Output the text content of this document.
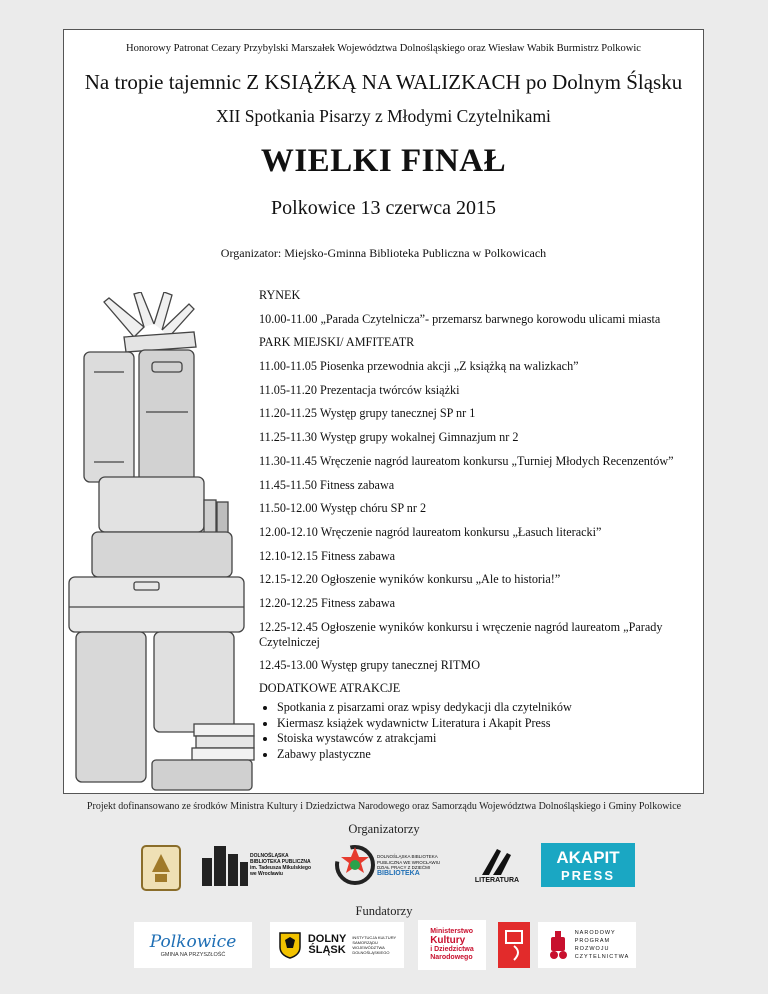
Honorowy Patronat Cezary Przybylski Marszałek Województwa Dolnośląskiego oraz Wiesław Wabik Burmistrz Polkowic
Na tropie tajemnic Z KSIĄŻKĄ NA WALIZKACH po Dolnym Śląsku
XII Spotkania Pisarzy z Młodymi Czytelnikami
WIELKI FINAŁ
Polkowice 13 czerwca 2015
Organizator: Miejsko-Gminna Biblioteka Publiczna w Polkowicach
RYNEK
10.00-11.00 „Parada Czytelnicza”- przemarsz barwnego korowodu ulicami miasta
PARK MIEJSKI/ AMFITEATR
11.00-11.05 Piosenka przewodnia akcji „Z książką na walizkach”
11.05-11.20 Prezentacja twórców książki
11.20-11.25 Występ grupy tanecznej SP nr 1
11.25-11.30 Występ grupy wokalnej Gimnazjum nr 2
11.30-11.45 Wręczenie nagród laureatom konkursu „Turniej Młodych Recenzentów”
11.45-11.50 Fitness zabawa
11.50-12.00 Występ chóru SP nr 2
12.00-12.10 Wręczenie nagród laureatom konkursu „Łasuch literacki”
12.10-12.15 Fitness zabawa
12.15-12.20 Ogłoszenie wyników konkursu „Ale to historia!”
12.20-12.25 Fitness zabawa
12.25-12.45 Ogłoszenie wyników konkursu i wręczenie nagród laureatom „Parady Czytelniczej
12.45-13.00 Występ grupy tanecznej RITMO
DODATKOWE ATRAKCJE
• Spotkania z pisarzami oraz wpisy dedykacji dla czytelników
• Kiermasz książek wydawnictw Literatura i Akapit Press
• Stoiska wystawców z atrakcjami
• Zabawy plastyczne
Projekt dofinansowano ze środków Ministra Kultury i Dziedzictwa Narodowego oraz Samorządu Województwa Dolnośląskiego i Gminy Polkowice
Organizatorzy
DOLNOŚLĄSKA
BIBLIOTEKA PUBLICZNA
im. Tadeusza Mikulskiego
we Wrocławiu
DOLNOŚLĄSKA BIBLIOTEKA
PUBLICZNA WE WROCŁAWIU
DZIAŁ PRACY Z DZIEĆMI
BIBLIOTEKA
LITERATURA
AKAPIT
PRESS
Fundatorzy
Polkowice
GMINA NA PRZYSZŁOŚĆ
DOLNY
ŚLĄSK
INSTYTUCJA KULTURY
SAMORZĄDU
WOJEWÓDZTWA
DOLNOŚLĄSKIEGO
Ministerstwo
Kultury
i Dziedzictwa
Narodowego
NARODOWY
PROGRAM
ROZWOJU
CZYTELNICTWA
